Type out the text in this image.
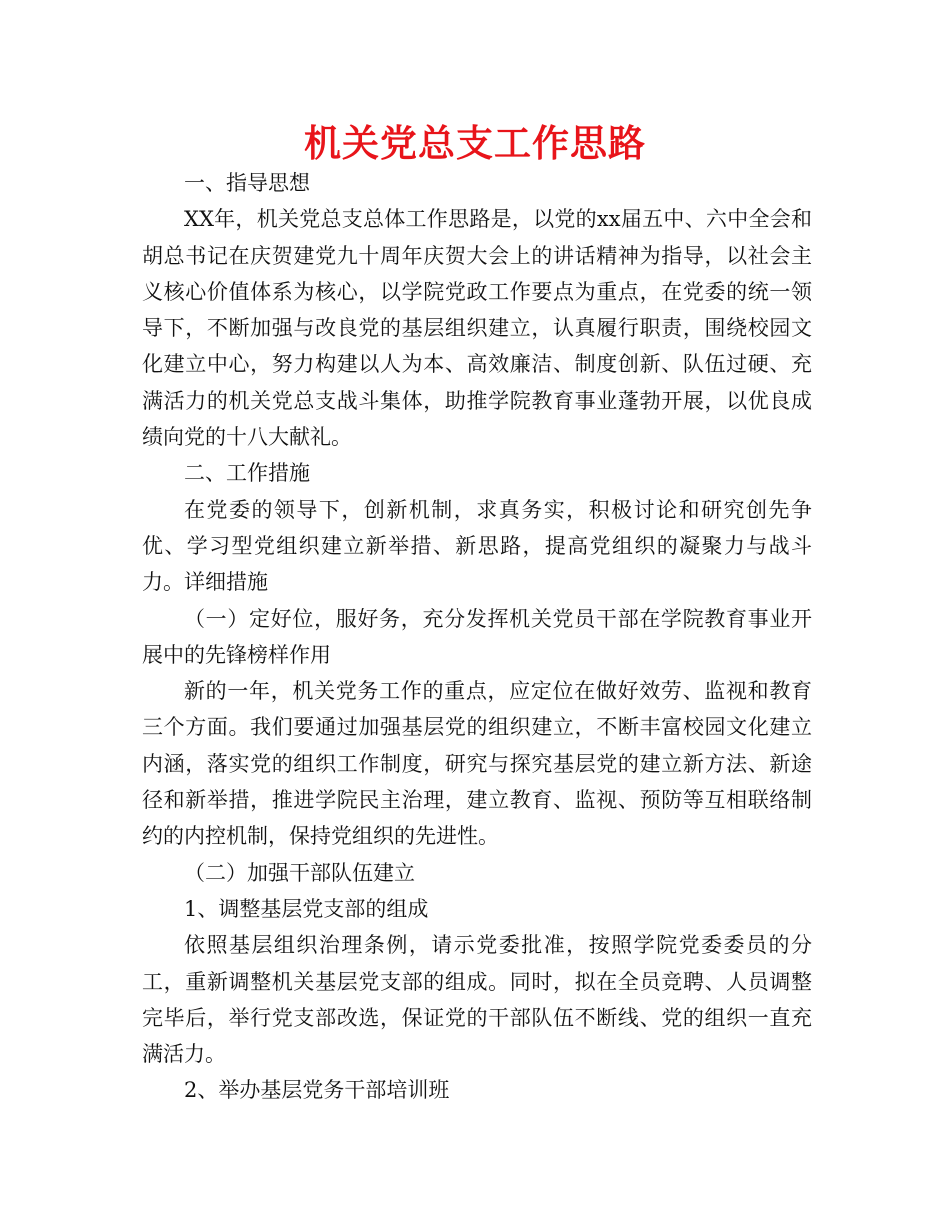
机关党总支工作思路

一、指导思想

XX年，机关党总支总体工作思路是，以党的xx届五中、六中全会和胡总书记在庆贺建党九十周年庆贺大会上的讲话精神为指导，以社会主义核心价值体系为核心，以学院党政工作要点为重点，在党委的统一领导下，不断加强与改良党的基层组织建立，认真履行职责，围绕校园文化建立中心，努力构建以人为本、高效廉洁、制度创新、队伍过硬、充满活力的机关党总支战斗集体，助推学院教育事业蓬勃开展，以优良成绩向党的十八大献礼。

二、工作措施

在党委的领导下，创新机制，求真务实，积极讨论和研究创先争优、学习型党组织建立新举措、新思路，提高党组织的凝聚力与战斗力。详细措施

（一）定好位，服好务，充分发挥机关党员干部在学院教育事业开展中的先锋榜样作用

新的一年，机关党务工作的重点，应定位在做好效劳、监视和教育三个方面。我们要通过加强基层党的组织建立，不断丰富校园文化建立内涵，落实党的组织工作制度，研究与探究基层党的建立新方法、新途径和新举措，推进学院民主治理，建立教育、监视、预防等互相联络制约的内控机制，保持党组织的先进性。

（二）加强干部队伍建立

1、调整基层党支部的组成

依照基层组织治理条例，请示党委批准，按照学院党委委员的分工，重新调整机关基层党支部的组成。同时，拟在全员竞聘、人员调整完毕后，举行党支部改选，保证党的干部队伍不断线、党的组织一直充满活力。

2、举办基层党务干部培训班
